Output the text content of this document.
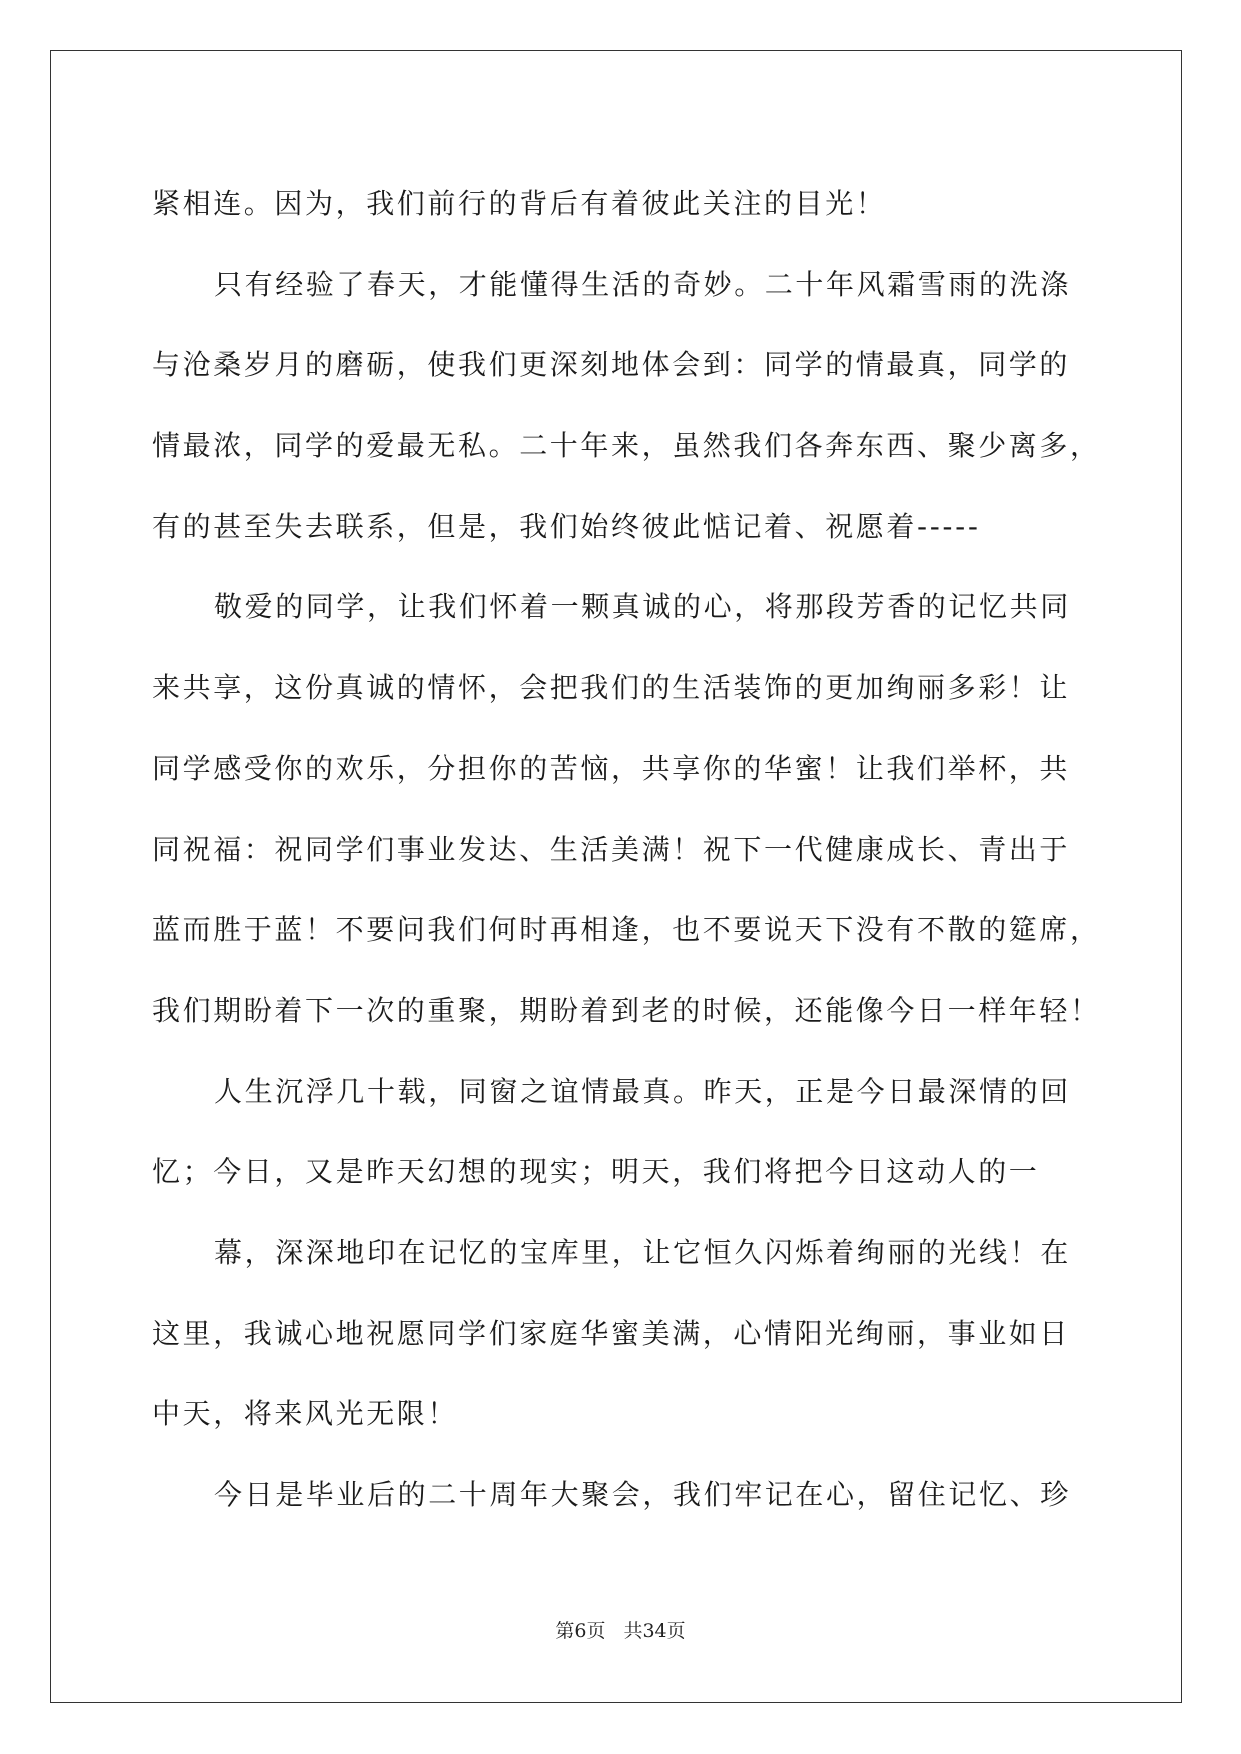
紧相连。因为，我们前行的背后有着彼此关注的目光！
只有经验了春天，才能懂得生活的奇妙。二十年风霜雪雨的洗涤
与沧桑岁月的磨砺，使我们更深刻地体会到：同学的情最真，同学的
情最浓，同学的爱最无私。二十年来，虽然我们各奔东西、聚少离多，
有的甚至失去联系，但是，我们始终彼此惦记着、祝愿着-----
敬爱的同学，让我们怀着一颗真诚的心，将那段芳香的记忆共同
来共享，这份真诚的情怀，会把我们的生活装饰的更加绚丽多彩！让
同学感受你的欢乐，分担你的苦恼，共享你的华蜜！让我们举杯，共
同祝福：祝同学们事业发达、生活美满！祝下一代健康成长、青出于
蓝而胜于蓝！不要问我们何时再相逢，也不要说天下没有不散的筵席，
我们期盼着下一次的重聚，期盼着到老的时候，还能像今日一样年轻！
人生沉浮几十载，同窗之谊情最真。昨天，正是今日最深情的回
忆；今日，又是昨天幻想的现实；明天，我们将把今日这动人的一
幕，深深地印在记忆的宝库里，让它恒久闪烁着绚丽的光线！在
这里，我诚心地祝愿同学们家庭华蜜美满，心情阳光绚丽，事业如日
中天，将来风光无限！
今日是毕业后的二十周年大聚会，我们牢记在心，留住记忆、珍
第6页 共34页
